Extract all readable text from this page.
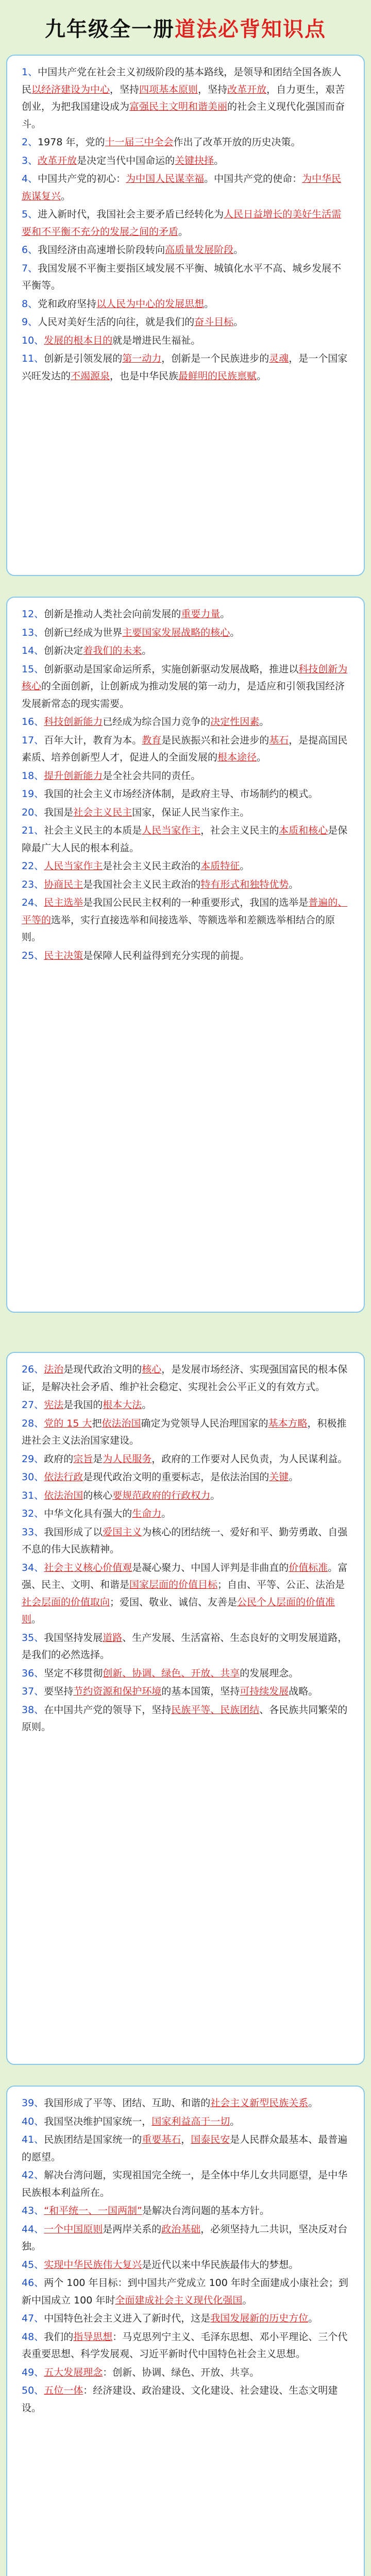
九年级全一册 道法必背知识点

1、中国共产党在社会主义初级阶段的基本路线，是领导和团结全国各族人民以经济建设为中心，坚持四项基本原则，坚持改革开放，自力更生，艰苦创业，为把我国建设成为富强民主文明和谐美丽的社会主义现代化强国而奋斗。

2、1978 年，党的十一届三中全会作出了改革开放的历史决策。

3、改革开放是决定当代中国命运的关键抉择。

4、中国共产党的初心：为中国人民谋幸福。中国共产党的使命：为中华民族谋复兴。

5、进入新时代，我国社会主要矛盾已经转化为人民日益增长的美好生活需要和不平衡不充分的发展之间的矛盾。

6、我国经济由高速增长阶段转向高质量发展阶段。

7、我国发展不平衡主要指区域发展不平衡、城镇化水平不高、城乡发展不平衡等。

8、党和政府坚持以人民为中心的发展思想。

9、人民对美好生活的向往，就是我们的奋斗目标。

10、发展的根本目的就是增进民生福祉。

11、创新是引领发展的第一动力，创新是一个民族进步的灵魂，是一个国家兴旺发达的不竭源泉，也是中华民族最鲜明的民族禀赋。

12、创新是推动人类社会向前发展的重要力量。

13、创新已经成为世界主要国家发展战略的核心。

14、创新决定着我们的未来。

15、创新驱动是国家命运所系，实施创新驱动发展战略，推进以科技创新为核心的全面创新，让创新成为推动发展的第一动力，是适应和引领我国经济发展新常态的现实需要。

16、科技创新能力已经成为综合国力竞争的决定性因素。

17、百年大计，教育为本。教育是民族振兴和社会进步的基石，是提高国民素质、培养创新型人才，促进人的全面发展的根本途径。

18、提升创新能力是全社会共同的责任。

19、我国的社会主义市场经济体制，是政府主导、市场制约的模式。

20、我国是社会主义民主国家，保证人民当家作主。

21、社会主义民主的本质是人民当家作主，社会主义民主的本质和核心是保障最广大人民的根本利益。

22、人民当家作主是社会主义民主政治的本质特征。

23、协商民主是我国社会主义民主政治的特有形式和独特优势。

24、民主选举是我国公民民主权利的一种重要形式，我国的选举是普遍的、平等的选举，实行直接选举和间接选举、等额选举和差额选举相结合的原则。

25、民主决策是保障人民利益得到充分实现的前提。

26、法治是现代政治文明的核心，是发展市场经济、实现强国富民的根本保证，是解决社会矛盾、维护社会稳定、实现社会公平正义的有效方式。

27、宪法是我国的根本大法。

28、党的 15 大把依法治国确定为党领导人民治理国家的基本方略，积极推进社会主义法治国家建设。

29、政府的宗旨是为人民服务，政府的工作要对人民负责，为人民谋利益。

30、依法行政是现代政治文明的重要标志，是依法治国的关键。

31、依法治国的核心要规范政府的行政权力。

32、中华文化具有强大的生命力。

33、我国形成了以爱国主义为核心的团结统一、爱好和平、勤劳勇敢、自强不息的伟大民族精神。

34、社会主义核心价值观是凝心聚力、中国人评判是非曲直的价值标准。富强、民主、文明、和谐是国家层面的价值目标；自由、平等、公正、法治是社会层面的价值取向；爱国、敬业、诚信、友善是公民个人层面的价值准则。

35、我国坚持发展道路、生产发展、生活富裕、生态良好的文明发展道路，是我们的必然选择。

36、坚定不移贯彻创新、协调、绿色、开放、共享的发展理念。

37、要坚持节约资源和保护环境的基本国策，坚持可持续发展战略。

38、在中国共产党的领导下，坚持民族平等、民族团结、各民族共同繁荣的原则。

39、我国形成了平等、团结、互助、和谐的社会主义新型民族关系。

40、我国坚决维护国家统一，国家利益高于一切。

41、民族团结是国家统一的重要基石，国泰民安是人民群众最基本、最普遍的愿望。

42、解决台湾问题，实现祖国完全统一，是全体中华儿女共同愿望，是中华民族根本利益所在。

43、“和平统一、一国两制”是解决台湾问题的基本方针。

44、一个中国原则是两岸关系的政治基础，必须坚持九二共识，坚决反对台独。

45、实现中华民族伟大复兴是近代以来中华民族最伟大的梦想。

46、两个 100 年目标：到中国共产党成立 100 年时全面建成小康社会；到新中国成立 100 年时全面建成社会主义现代化强国。

47、中国特色社会主义进入了新时代，这是我国发展新的历史方位。

48、我们的指导思想：马克思列宁主义、毛泽东思想、邓小平理论、三个代表重要思想、科学发展观、习近平新时代中国特色社会主义思想。

49、五大发展理念：创新、协调、绿色、开放、共享。

50、五位一体：经济建设、政治建设、文化建设、社会建设、生态文明建设。
